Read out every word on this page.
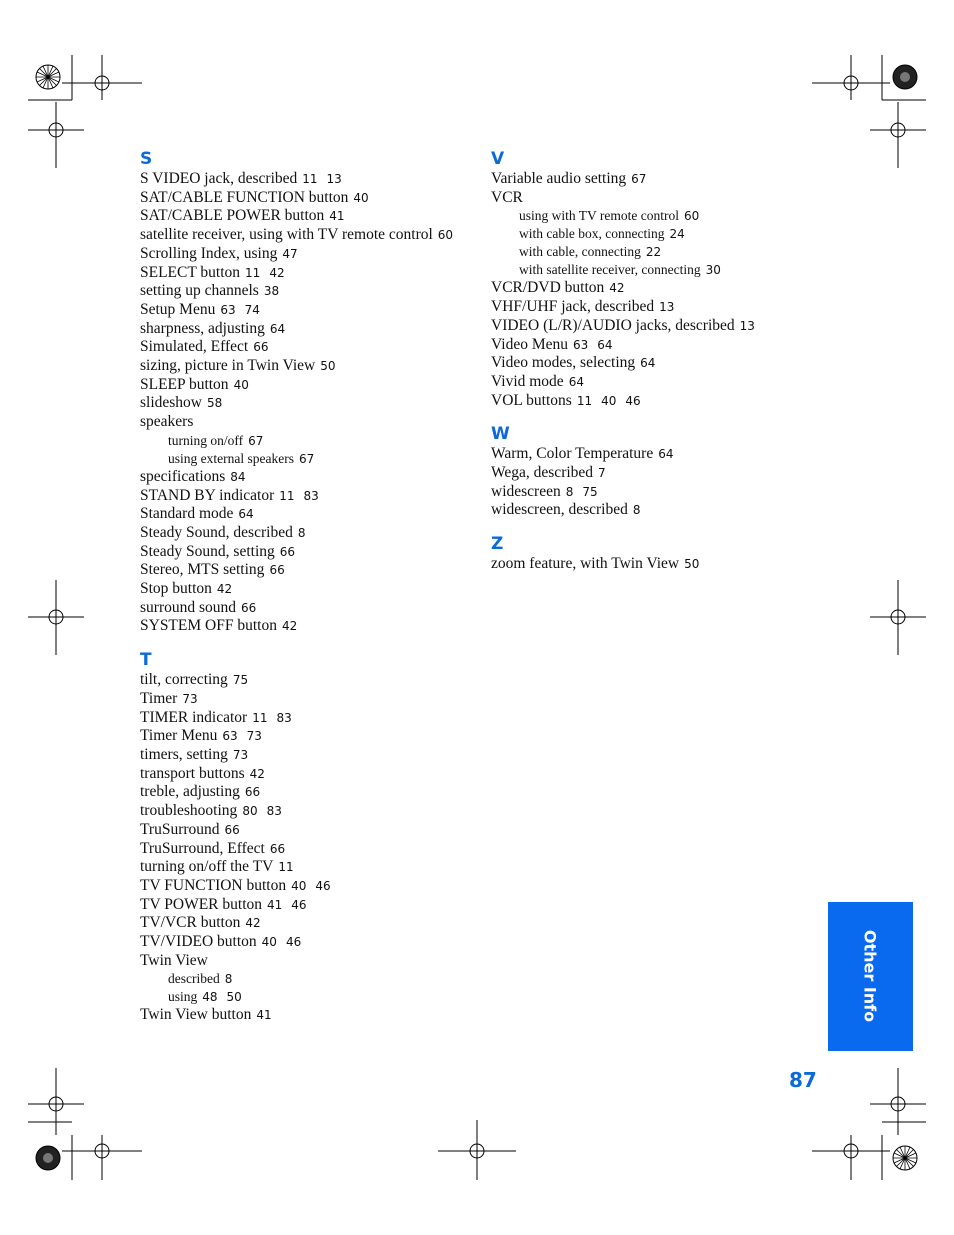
S
S VIDEO jack, described 11 13
SAT/CABLE FUNCTION button 40
SAT/CABLE POWER button 41
satellite receiver, using with TV remote control 60
Scrolling Index, using 47
SELECT button 11 42
setting up channels 38
Setup Menu 63 74
sharpness, adjusting 64
Simulated, Effect 66
sizing, picture in Twin View 50
SLEEP button 40
slideshow 58
speakers
turning on/off 67
using external speakers 67
specifications 84
STAND BY indicator 11 83
Standard mode 64
Steady Sound, described 8
Steady Sound, setting 66
Stereo, MTS setting 66
Stop button 42
surround sound 66
SYSTEM OFF button 42
T
tilt, correcting 75
Timer 73
TIMER indicator 11 83
Timer Menu 63 73
timers, setting 73
transport buttons 42
treble, adjusting 66
troubleshooting 80 83
TruSurround 66
TruSurround, Effect 66
turning on/off the TV 11
TV FUNCTION button 40 46
TV POWER button 41 46
TV/VCR button 42
TV/VIDEO button 40 46
Twin View
described 8
using 48 50
Twin View button 41
V
Variable audio setting 67
VCR
using with TV remote control 60
with cable box, connecting 24
with cable, connecting 22
with satellite receiver, connecting 30
VCR/DVD button 42
VHF/UHF jack, described 13
VIDEO (L/R)/AUDIO jacks, described 13
Video Menu 63 64
Video modes, selecting 64
Vivid mode 64
VOL buttons 11 40 46
W
Warm, Color Temperature 64
Wega, described 7
widescreen 8 75
widescreen, described 8
Z
zoom feature, with Twin View 50
Other Info
87
